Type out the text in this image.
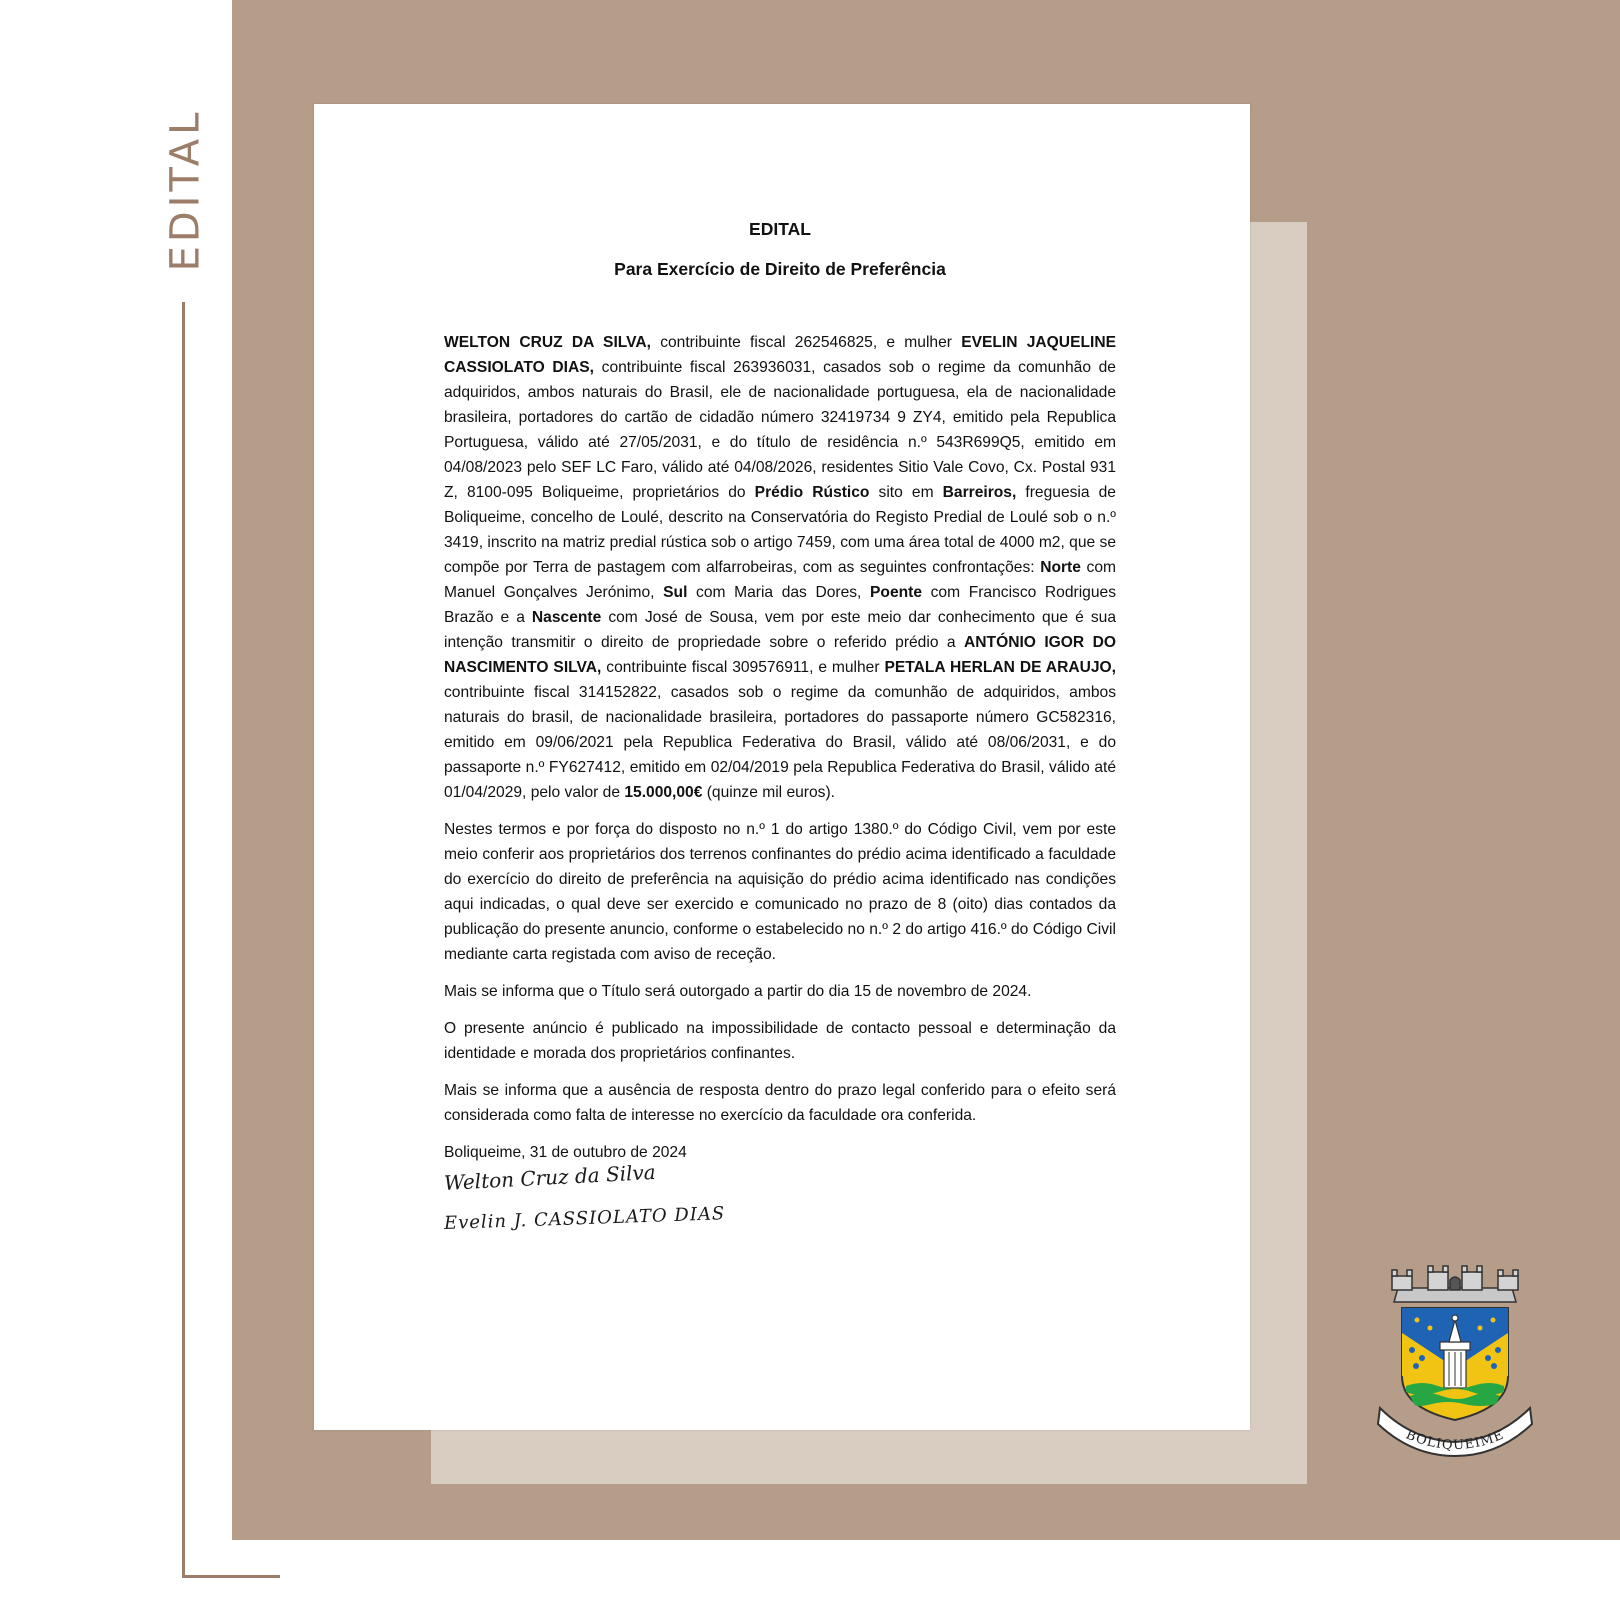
EDITAL	EDITAL
Para Exercício de Direito de Preferência

WELTON CRUZ DA SILVA, contribuinte fiscal 262546825, e mulher EVELIN JAQUELINE CASSIOLATO DIAS, contribuinte fiscal 263936031, casados sob o regime da comunhão de adquiridos, ambos naturais do Brasil, ele de nacionalidade portuguesa, ela de nacionalidade brasileira, portadores do cartão de cidadão número 32419734 9 ZY4, emitido pela Republica Portuguesa, válido até 27/05/2031, e do título de residência n.º 543R699Q5, emitido em 04/08/2023 pelo SEF LC Faro, válido até 04/08/2026, residentes Sitio Vale Covo, Cx. Postal 931 Z, 8100-095 Boliqueime, proprietários do Prédio Rústico sito em Barreiros, freguesia de Boliqueime, concelho de Loulé, descrito na Conservatória do Registo Predial de Loulé sob o n.º 3419, inscrito na matriz predial rústica sob o artigo 7459, com uma área total de 4000 m2, que se compõe por Terra de pastagem com alfarrobeiras, com as seguintes confrontações: Norte com Manuel Gonçalves Jerónimo, Sul com Maria das Dores, Poente com Francisco Rodrigues Brazão e a Nascente com José de Sousa, vem por este meio dar conhecimento que é sua intenção transmitir o direito de propriedade sobre o referido prédio a ANTÓNIO IGOR DO NASCIMENTO SILVA, contribuinte fiscal 309576911, e mulher PETALA HERLAN DE ARAUJO, contribuinte fiscal 314152822, casados sob o regime da comunhão de adquiridos, ambos naturais do brasil, de nacionalidade brasileira, portadores do passaporte número GC582316, emitido em 09/06/2021 pela Republica Federativa do Brasil, válido até 08/06/2031, e do passaporte n.º FY627412, emitido em 02/04/2019 pela Republica Federativa do Brasil, válido até 01/04/2029, pelo valor de 15.000,00€ (quinze mil euros).

Nestes termos e por força do disposto no n.º 1 do artigo 1380.º do Código Civil, vem por este meio conferir aos proprietários dos terrenos confinantes do prédio acima identificado a faculdade do exercício do direito de preferência na aquisição do prédio acima identificado nas condições aqui indicadas, o qual deve ser exercido e comunicado no prazo de 8 (oito) dias contados da publicação do presente anuncio, conforme o estabelecido no n.º 2 do artigo 416.º do Código Civil mediante carta registada com aviso de receção.

Mais se informa que o Título será outorgado a partir do dia 15 de novembro de 2024.

O presente anúncio é publicado na impossibilidade de contacto pessoal e determinação da identidade e morada dos proprietários confinantes.

Mais se informa que a ausência de resposta dentro do prazo legal conferido para o efeito será considerada como falta de interesse no exercício da faculdade ora conferida.

Boliqueime, 31 de outubro de 2024
Welton Cruz da Silva
Evelin J. CASSIOLATO DIAS
BOLIQUEIME
